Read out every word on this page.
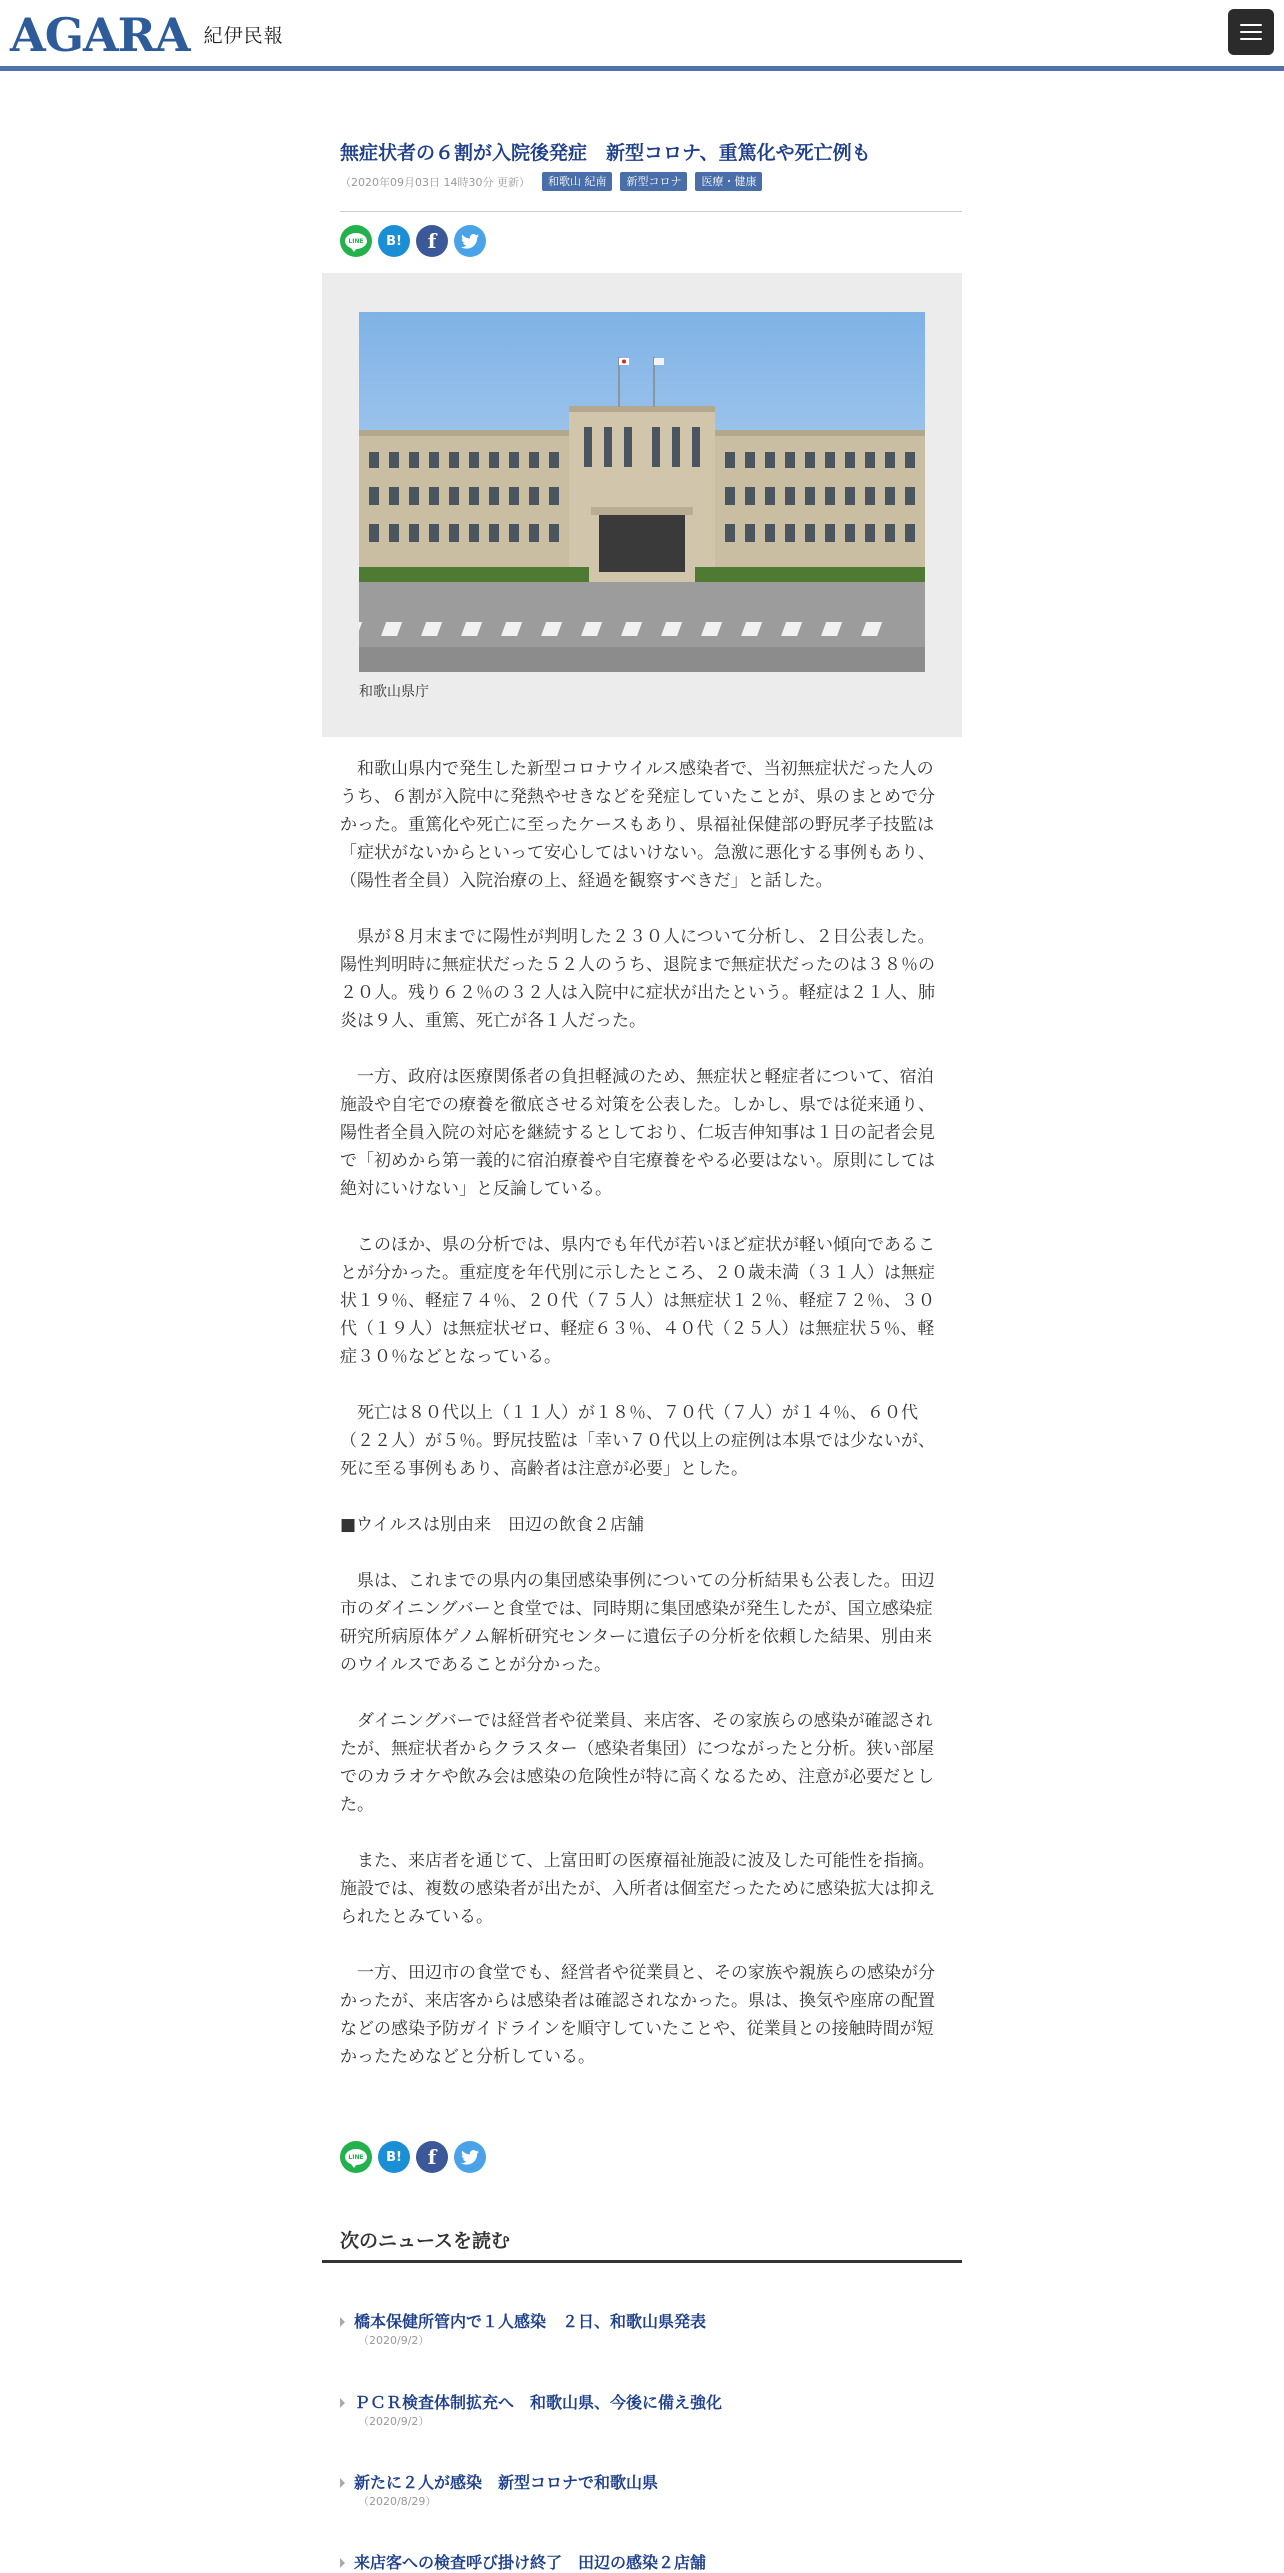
AGARA 紀伊民報
無症状者の６割が入院後発症　新型コロナ、重篤化や死亡例も
（2020年09月03日 14時30分 更新）	和歌山 紀南	新型コロナ	医療・健康
LINE B! f
和歌山県庁

和歌山県内で発生した新型コロナウイルス感染者で、当初無症状だった人のうち、６割が入院中に発熱やせきなどを発症していたことが、県のまとめで分かった。重篤化や死亡に至ったケースもあり、県福祉保健部の野尻孝子技監は「症状がないからといって安心してはいけない。急激に悪化する事例もあり、（陽性者全員）入院治療の上、経過を観察すべきだ」と話した。

県が８月末までに陽性が判明した２３０人について分析し、２日公表した。陽性判明時に無症状だった５２人のうち、退院まで無症状だったのは３８％の２０人。残り６２％の３２人は入院中に症状が出たという。軽症は２１人、肺炎は９人、重篤、死亡が各１人だった。

一方、政府は医療関係者の負担軽減のため、無症状と軽症者について、宿泊施設や自宅での療養を徹底させる対策を公表した。しかし、県では従来通り、陽性者全員入院の対応を継続するとしており、仁坂吉伸知事は１日の記者会見で「初めから第一義的に宿泊療養や自宅療養をやる必要はない。原則にしては絶対にいけない」と反論している。

このほか、県の分析では、県内でも年代が若いほど症状が軽い傾向であることが分かった。重症度を年代別に示したところ、２０歳未満（３１人）は無症状１９％、軽症７４％、２０代（７５人）は無症状１２％、軽症７２％、３０代（１９人）は無症状ゼロ、軽症６３％、４０代（２５人）は無症状５％、軽症３０％などとなっている。

死亡は８０代以上（１１人）が１８％、７０代（７人）が１４％、６０代（２２人）が５％。野尻技監は「幸い７０代以上の症例は本県では少ないが、死に至る事例もあり、高齢者は注意が必要」とした。

■ウイルスは別由来　田辺の飲食２店舗

県は、これまでの県内の集団感染事例についての分析結果も公表した。田辺市のダイニングバーと食堂では、同時期に集団感染が発生したが、国立感染症研究所病原体ゲノム解析研究センターに遺伝子の分析を依頼した結果、別由来のウイルスであることが分かった。

ダイニングバーでは経営者や従業員、来店客、その家族らの感染が確認されたが、無症状者からクラスター（感染者集団）につながったと分析。狭い部屋でのカラオケや飲み会は感染の危険性が特に高くなるため、注意が必要だとした。

また、来店者を通じて、上富田町の医療福祉施設に波及した可能性を指摘。施設では、複数の感染者が出たが、入所者は個室だったために感染拡大は抑えられたとみている。

一方、田辺市の食堂でも、経営者や従業員と、その家族や親族らの感染が分かったが、来店客からは感染者は確認されなかった。県は、換気や座席の配置などの感染予防ガイドラインを順守していたことや、従業員との接触時間が短かったためなどと分析している。

LINE B! f
次のニュースを読む
橋本保健所管内で１人感染　２日、和歌山県発表
（2020/9/2）
ＰＣＲ検査体制拡充へ　和歌山県、今後に備え強化
（2020/9/2）
新たに２人が感染　新型コロナで和歌山県
（2020/8/29）
来店客への検査呼び掛け終了　田辺の感染２店舗
